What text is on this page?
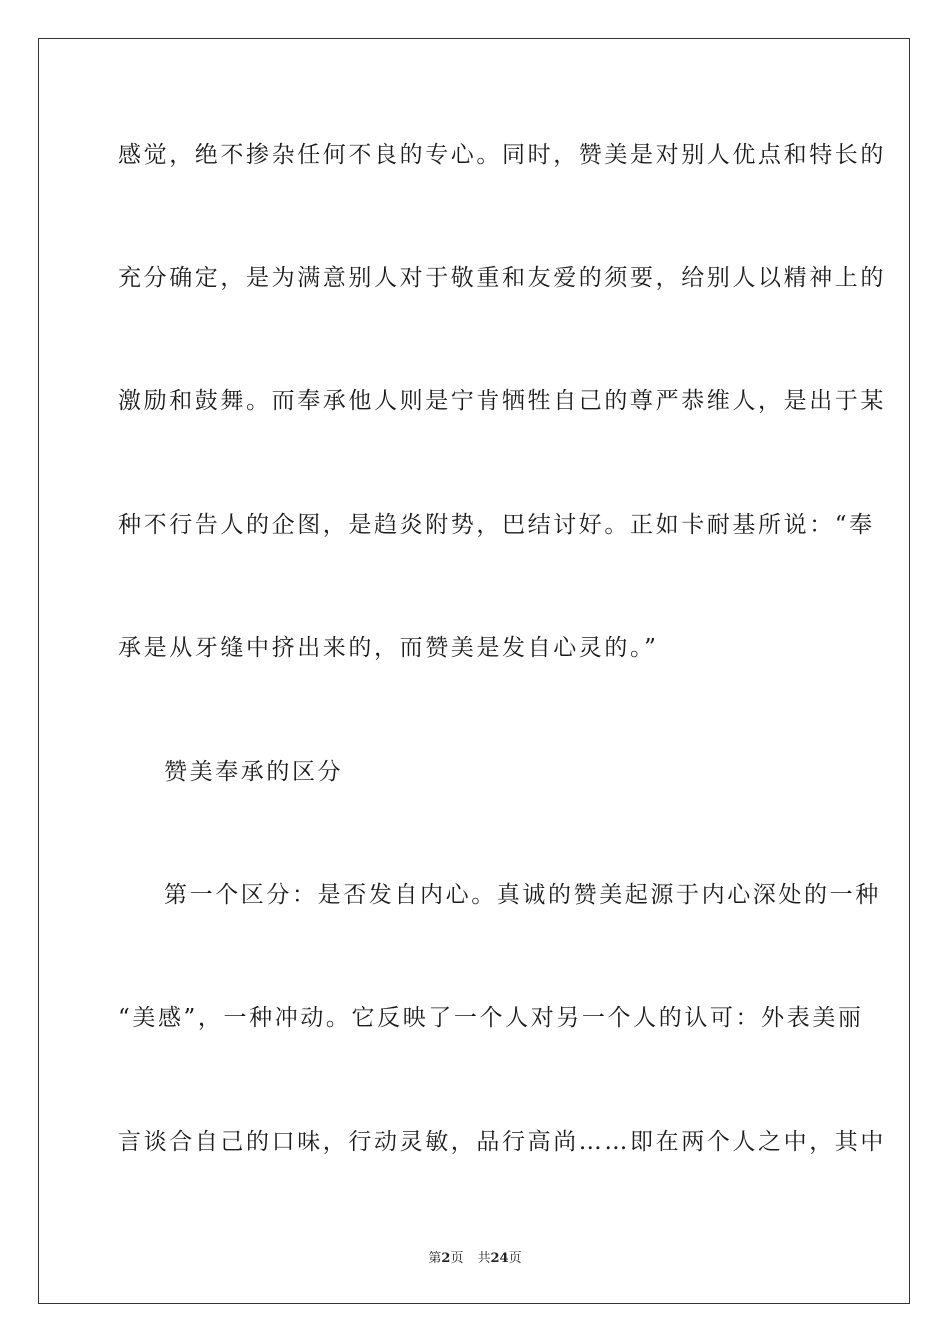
感觉，绝不掺杂任何不良的专心。同时，赞美是对别人优点和特长的
充分确定，是为满意别人对于敬重和友爱的须要，给别人以精神上的
激励和鼓舞。而奉承他人则是宁肯牺牲自己的尊严恭维人，是出于某
种不行告人的企图，是趋炎附势，巴结讨好。正如卡耐基所说：“奉
承是从牙缝中挤出来的，而赞美是发自心灵的。”
赞美奉承的区分
第一个区分：是否发自内心。真诚的赞美起源于内心深处的一种
“美感”，一种冲动。它反映了一个人对另一个人的认可：外表美丽
言谈合自己的口味，行动灵敏，品行高尚……即在两个人之中，其中
第2页 共24页
